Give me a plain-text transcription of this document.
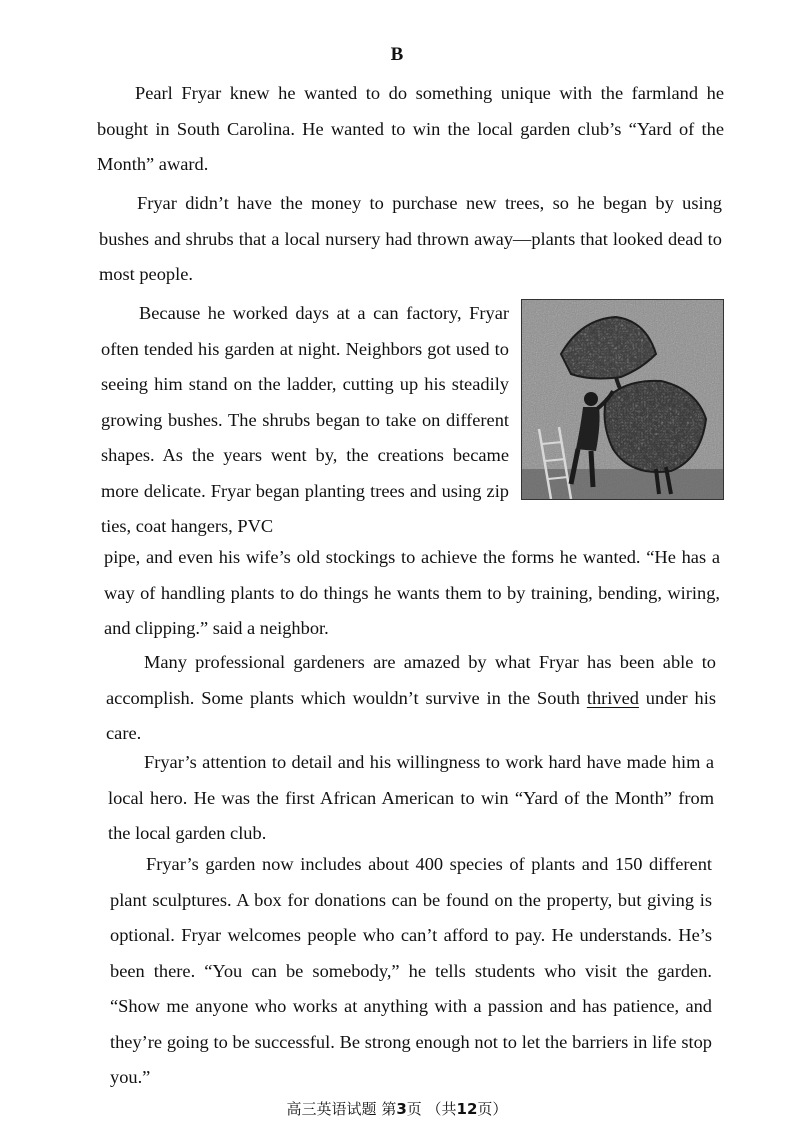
B

Pearl Fryar knew he wanted to do something unique with the farmland he bought in South Carolina. He wanted to win the local garden club’s “Yard of the Month” award.

Fryar didn’t have the money to purchase new trees, so he began by using bushes and shrubs that a local nursery had thrown away—plants that looked dead to most people.

Because he worked days at a can factory, Fryar often tended his garden at night. Neighbors got used to seeing him stand on the ladder, cutting up his steadily growing bushes. The shrubs began to take on different shapes. As the years went by, the creations became more delicate. Fryar began planting trees and using zip ties, coat hangers, PVC

pipe, and even his wife’s old stockings to achieve the forms he wanted. “He has a way of handling plants to do things he wants them to by training, bending, wiring, and clipping.” said a neighbor.

Many professional gardeners are amazed by what Fryar has been able to accomplish. Some plants which wouldn’t survive in the South thrived under his care.

Fryar’s attention to detail and his willingness to work hard have made him a local hero. He was the first African American to win “Yard of the Month” from the local garden club.

Fryar’s garden now includes about 400 species of plants and 150 different plant sculptures. A box for donations can be found on the property, but giving is optional. Fryar welcomes people who can’t afford to pay. He understands. He’s been there. “You can be somebody,” he tells students who visit the garden. “Show me anyone who works at anything with a passion and has patience, and they’re going to be successful. Be strong enough not to let the barriers in life stop you.”

高三英语试题 第3页 （共12页）
